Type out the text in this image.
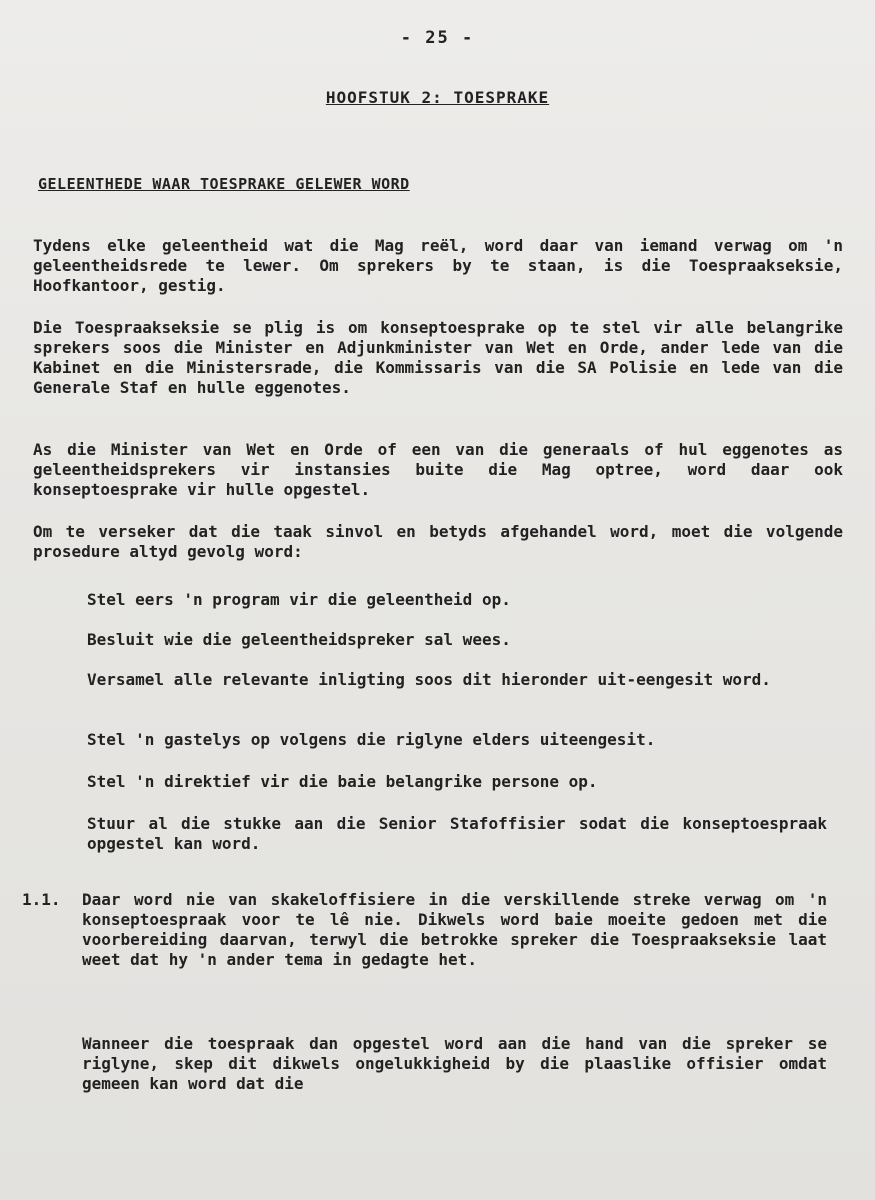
- 25 -
HOOFSTUK 2: TOESPRAKE
GELEENTHEDE WAAR TOESPRAKE GELEWER WORD
Tydens elke geleentheid wat die Mag reël, word daar van iemand verwag om 'n geleentheidsrede te lewer. Om sprekers by te staan, is die Toespraakseksie, Hoofkantoor, gestig.
Die Toespraakseksie se plig is om konseptoesprake op te stel vir alle belangrike sprekers soos die Minister en Adjunkminister van Wet en Orde, ander lede van die Kabinet en die Ministersrade, die Kommissaris van die SA Polisie en lede van die Generale Staf en hulle eggenotes.
As die Minister van Wet en Orde of een van die generaals of hul eggenotes as geleentheidsprekers vir instansies buite die Mag optree, word daar ook konseptoesprake vir hulle opgestel.
Om te verseker dat die taak sinvol en betyds afgehandel word, moet die volgende prosedure altyd gevolg word:
Stel eers 'n program vir die geleentheid op.
Besluit wie die geleentheidspreker sal wees.
Versamel alle relevante inligting soos dit hieronder uit-eengesit word.
Stel 'n gastelys op volgens die riglyne elders uiteengesit.
Stel 'n direktief vir die baie belangrike persone op.
Stuur al die stukke aan die Senior Stafoffisier sodat die konseptoespraak opgestel kan word.
1.1. Daar word nie van skakeloffisiere in die verskillende streke verwag om 'n konseptoespraak voor te lê nie. Dikwels word baie moeite gedoen met die voorbereiding daarvan, terwyl die betrokke spreker die Toespraakseksie laat weet dat hy 'n ander tema in gedagte het.
Wanneer die toespraak dan opgestel word aan die hand van die spreker se riglyne, skep dit dikwels ongelukkigheid by die plaaslike offisier omdat gemeen kan word dat die
